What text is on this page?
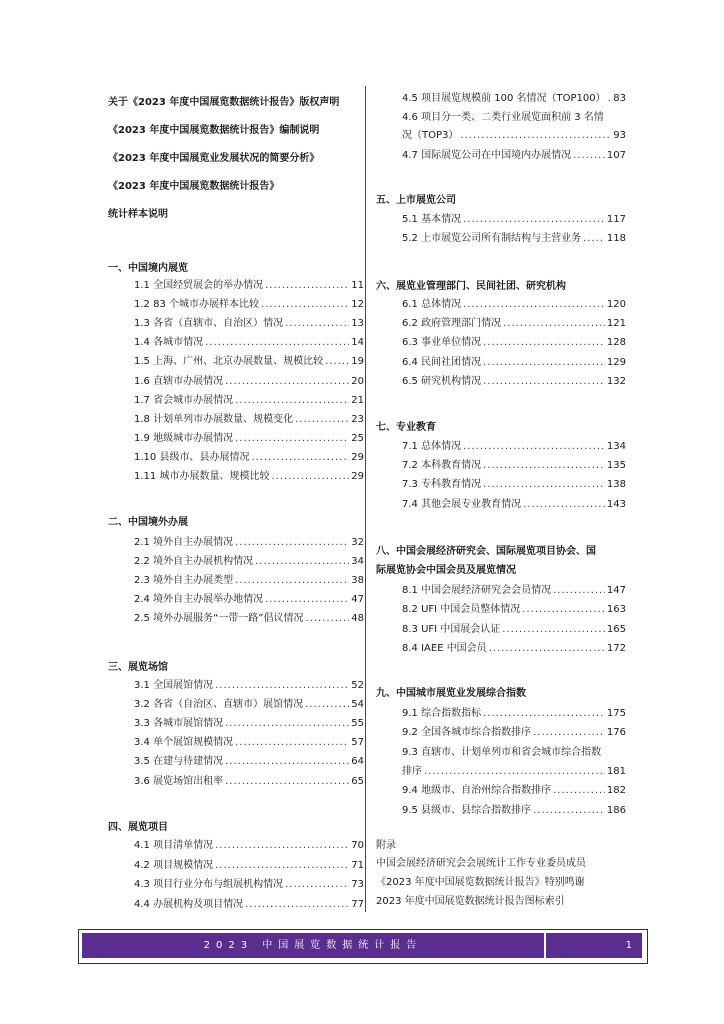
关于《2023 年度中国展览数据统计报告》版权声明
《2023 年度中国展览数据统计报告》编制说明
《2023 年度中国展览业发展状况的简要分析》
《2023 年度中国展览数据统计报告》
统计样本说明
一、中国境内展览
1.1 全国经贸展会的举办情况 .....	11
1.2 83 个城市办展样本比较 .....	12
1.3 各省（直辖市、自治区）情况 .....	13
1.4 各城市情况 .....	14
1.5 上海、广州、北京办展数量、规模比较 .....	19
1.6 直辖市办展情况 .....	20
1.7 省会城市办展情况 .....	21
1.8 计划单列市办展数量、规模变化 .....	23
1.9 地级城市办展情况 .....	25
1.10 县级市、县办展情况 .....	29
1.11 城市办展数量、规模比较 .....	29
二、中国境外办展
2.1 境外自主办展情况 .....	32
2.2 境外自主办展机构情况 .....	34
2.3 境外自主办展类型 .....	38
2.4 境外自主办展举办地情况 .....	47
2.5 境外办展服务“一带一路”倡议情况 .....	48
三、展览场馆
3.1 全国展馆情况 .....	52
3.2 各省（自治区、直辖市）展馆情况 .....	54
3.3 各城市展馆情况 .....	55
3.4 单个展馆规模情况 .....	57
3.5 在建与待建情况 .....	64
3.6 展览场馆出租率 .....	65
四、展览项目
4.1 项目清单情况 .....	70
4.2 项目规模情况 .....	71
4.3 项目行业分布与组展机构情况 .....	73
4.4 办展机构及项目情况 .....	77
4.5 项目展览规模前 100 名情况（TOP100） ..... 83
4.6 项目分一类、二类行业展览面积前 3 名情
况（TOP3） .....	93
4.7 国际展览公司在中国境内办展情况 .....	107
五、上市展览公司
5.1 基本情况 .....	117
5.2 上市展览公司所有制结构与主营业务 .....	118
六、展览业管理部门、民间社团、研究机构
6.1 总体情况 .....	120
6.2 政府管理部门情况 .....	121
6.3 事业单位情况 .....	128
6.4 民间社团情况 .....	129
6.5 研究机构情况 .....	132
七、专业教育
7.1 总体情况 .....	134
7.2 本科教育情况 .....	135
7.3 专科教育情况 .....	138
7.4 其他会展专业教育情况 .....	143
八、中国会展经济研究会、国际展览项目协会、国
际展览协会中国会员及展览情况
8.1 中国会展经济研究会会员情况 .....	147
8.2 UFI 中国会员整体情况 .....	163
8.3 UFI 中国展会认证 .....	165
8.4 IAEE 中国会员 .....	172
九、中国城市展览业发展综合指数
9.1 综合指数指标 .....	175
9.2 全国各城市综合指数排序 .....	176
9.3 直辖市、计划单列市和省会城市综合指数
排序 .....	181
9.4 地级市、自治州综合指数排序 .....	182
9.5 县级市、县综合指数排序 .....	186
附录
中国会展经济研究会会展统计工作专业委员成员
《2023 年度中国展览数据统计报告》特别鸣谢
2023 年度中国展览数据统计报告图标索引
2023 中国展览数据统计报告	1
